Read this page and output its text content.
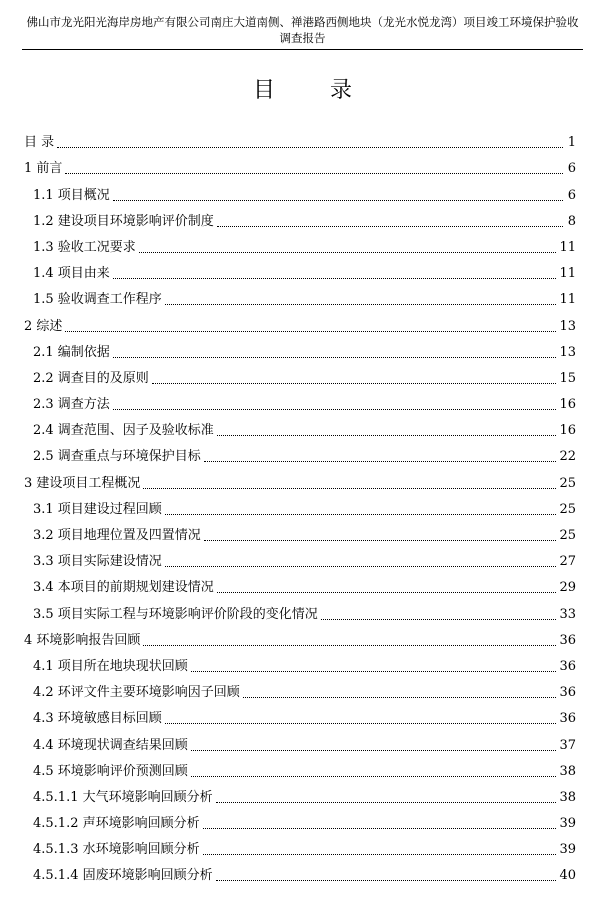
佛山市龙光阳光海岸房地产有限公司南庄大道南侧、禅港路西侧地块（龙光水悦龙湾）项目竣工环境保护验收调查报告
目 录
目 录	1
1 前言	6
1.1 项目概况	6
1.2 建设项目环境影响评价制度	8
1.3 验收工况要求	11
1.4 项目由来	11
1.5 验收调查工作程序	11
2 综述	13
2.1 编制依据	13
2.2 调查目的及原则	15
2.3 调查方法	16
2.4 调查范围、因子及验收标准	16
2.5 调查重点与环境保护目标	22
3 建设项目工程概况	25
3.1 项目建设过程回顾	25
3.2 项目地理位置及四置情况	25
3.3 项目实际建设情况	27
3.4 本项目的前期规划建设情况	29
3.5 项目实际工程与环境影响评价阶段的变化情况	33
4 环境影响报告回顾	36
4.1 项目所在地块现状回顾	36
4.2 环评文件主要环境影响因子回顾	36
4.3 环境敏感目标回顾	36
4.4 环境现状调查结果回顾	37
4.5 环境影响评价预测回顾	38
4.5.1.1 大气环境影响回顾分析	38
4.5.1.2 声环境影响回顾分析	39
4.5.1.3 水环境影响回顾分析	39
4.5.1.4 固废环境影响回顾分析	40
